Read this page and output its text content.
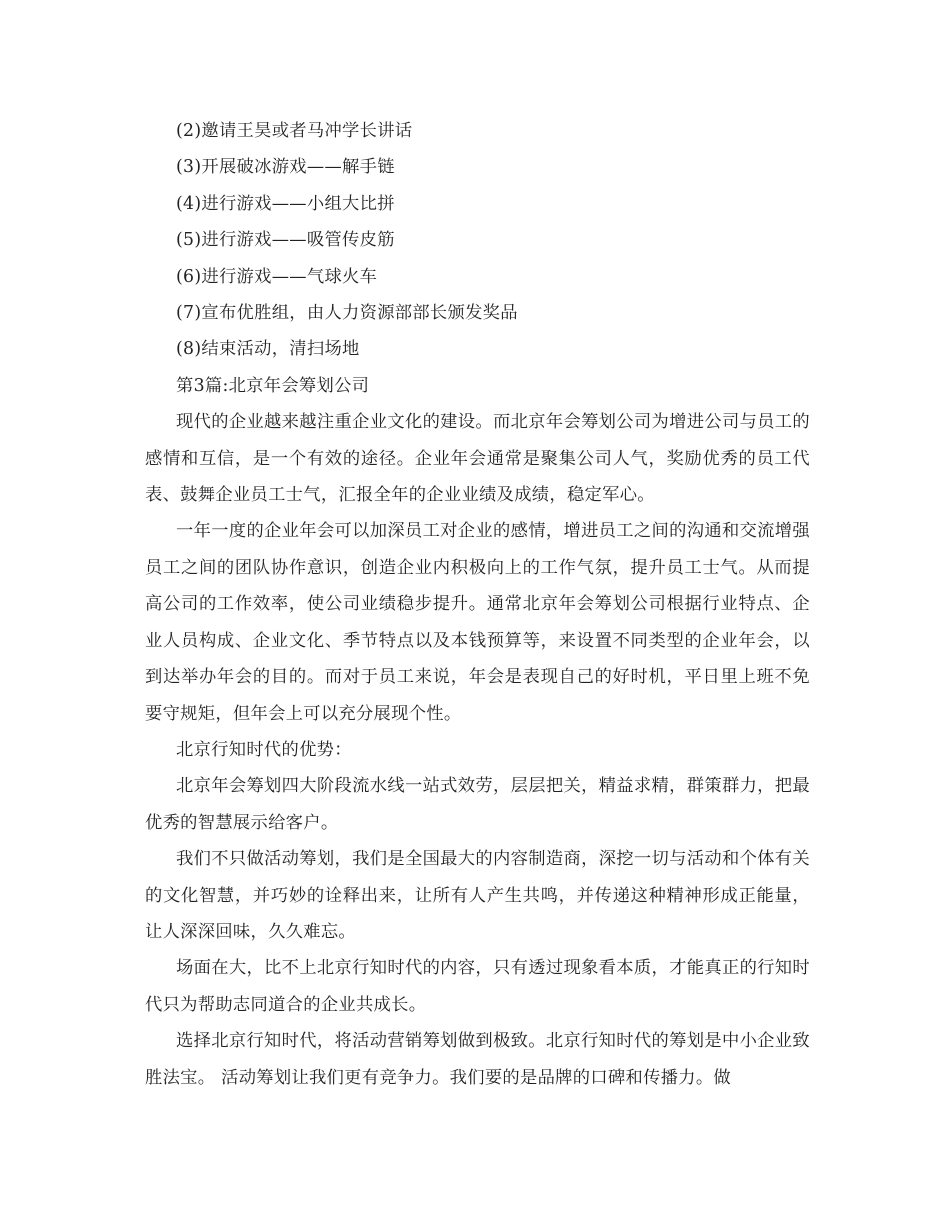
(2)邀请王昊或者马冲学长讲话

(3)开展破冰游戏——解手链

(4)进行游戏——小组大比拼

(5)进行游戏——吸管传皮筋

(6)进行游戏——气球火车

(7)宣布优胜组，由人力资源部部长颁发奖品

(8)结束活动，清扫场地

第3篇:北京年会筹划公司

现代的企业越来越注重企业文化的建设。而北京年会筹划公司为增进公司与员工的感情和互信，是一个有效的途径。企业年会通常是聚集公司人气，奖励优秀的员工代表、鼓舞企业员工士气，汇报全年的企业业绩及成绩，稳定军心。

一年一度的企业年会可以加深员工对企业的感情，增进员工之间的沟通和交流增强员工之间的团队协作意识，创造企业内积极向上的工作气氛，提升员工士气。从而提高公司的工作效率，使公司业绩稳步提升。通常北京年会筹划公司根据行业特点、企业人员构成、企业文化、季节特点以及本钱预算等，来设置不同类型的企业年会，以到达举办年会的目的。而对于员工来说，年会是表现自己的好时机，平日里上班不免要守规矩，但年会上可以充分展现个性。

北京行知时代的优势：

北京年会筹划四大阶段流水线一站式效劳，层层把关，精益求精，群策群力，把最优秀的智慧展示给客户。

我们不只做活动筹划，我们是全国最大的内容制造商，深挖一切与活动和个体有关的文化智慧，并巧妙的诠释出来，让所有人产生共鸣，并传递这种精神形成正能量，让人深深回味，久久难忘。

场面在大，比不上北京行知时代的内容，只有透过现象看本质，才能真正的行知时代只为帮助志同道合的企业共成长。

选择北京行知时代，将活动营销筹划做到极致。北京行知时代的筹划是中小企业致胜法宝。 活动筹划让我们更有竞争力。我们要的是品牌的口碑和传播力。做
